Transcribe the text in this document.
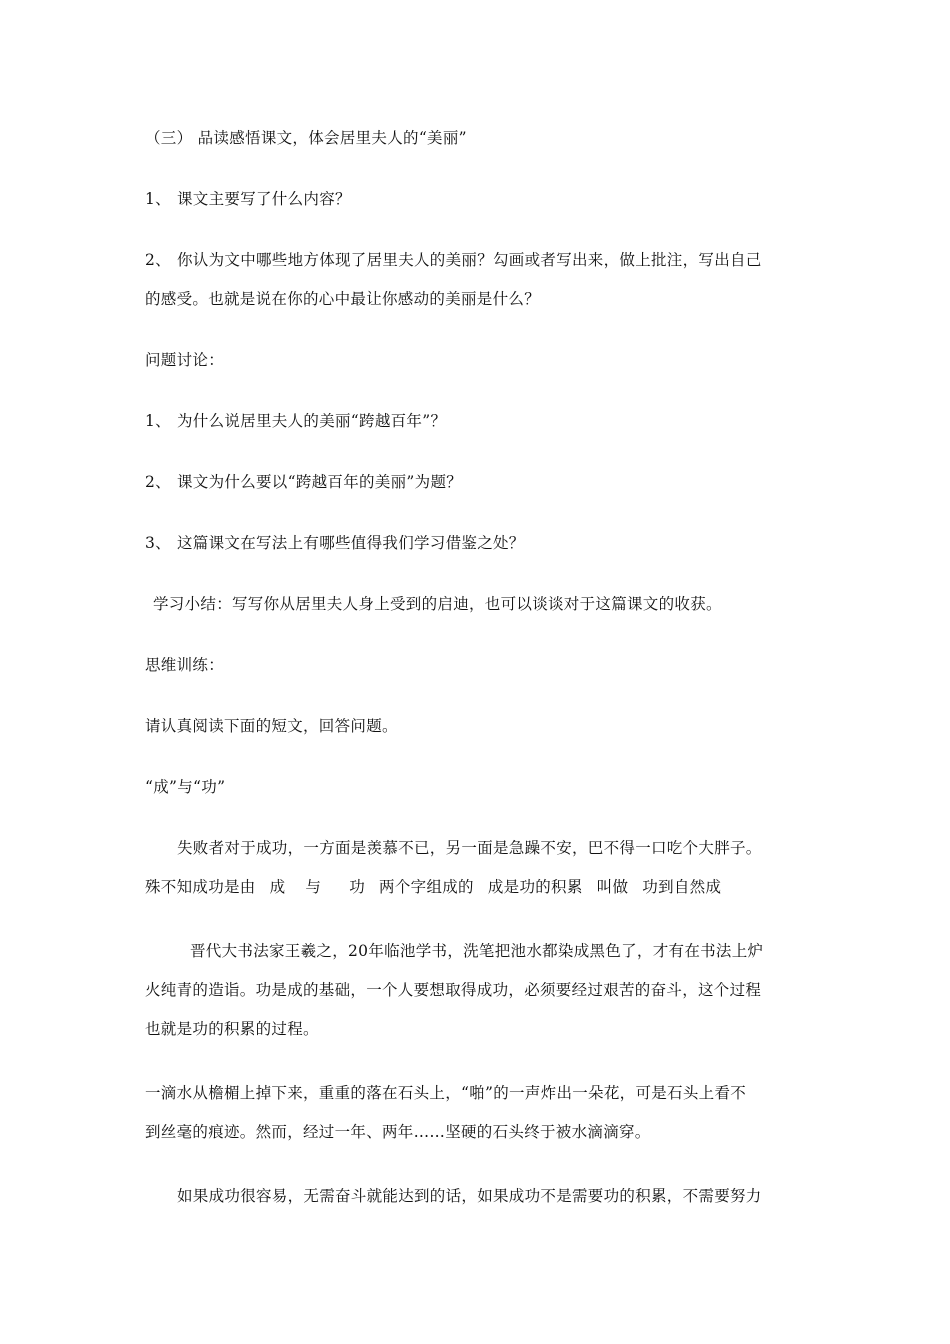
（三） 品读感悟课文，体会居里夫人的“美丽”
1、 课文主要写了什么内容？
2、 你认为文中哪些地方体现了居里夫人的美丽？勾画或者写出来，做上批注，写出自己
的感受。也就是说在你的心中最让你感动的美丽是什么？
问题讨论：
1、 为什么说居里夫人的美丽“跨越百年”？
2、 课文为什么要以“跨越百年的美丽”为题？
3、 这篇课文在写法上有哪些值得我们学习借鉴之处？
学习小结：写写你从居里夫人身上受到的启迪，也可以谈谈对于这篇课文的收获。
思维训练：
请认真阅读下面的短文，回答问题。
“成”与“功”
失败者对于成功，一方面是羡慕不已，另一面是急躁不安，巴不得一口吃个大胖子。
殊不知成功是由 成 与 功 两个字组成的 成是功的积累 叫做 功到自然成
晋代大书法家王羲之，20年临池学书，洗笔把池水都染成黑色了，才有在书法上炉
火纯青的造诣。功是成的基础，一个人要想取得成功，必须要经过艰苦的奋斗，这个过程
也就是功的积累的过程。
一滴水从檐楣上掉下来，重重的落在石头上，“啪”的一声炸出一朵花，可是石头上看不
到丝毫的痕迹。然而，经过一年、两年……坚硬的石头终于被水滴滴穿。
如果成功很容易，无需奋斗就能达到的话，如果成功不是需要功的积累，不需要努力
